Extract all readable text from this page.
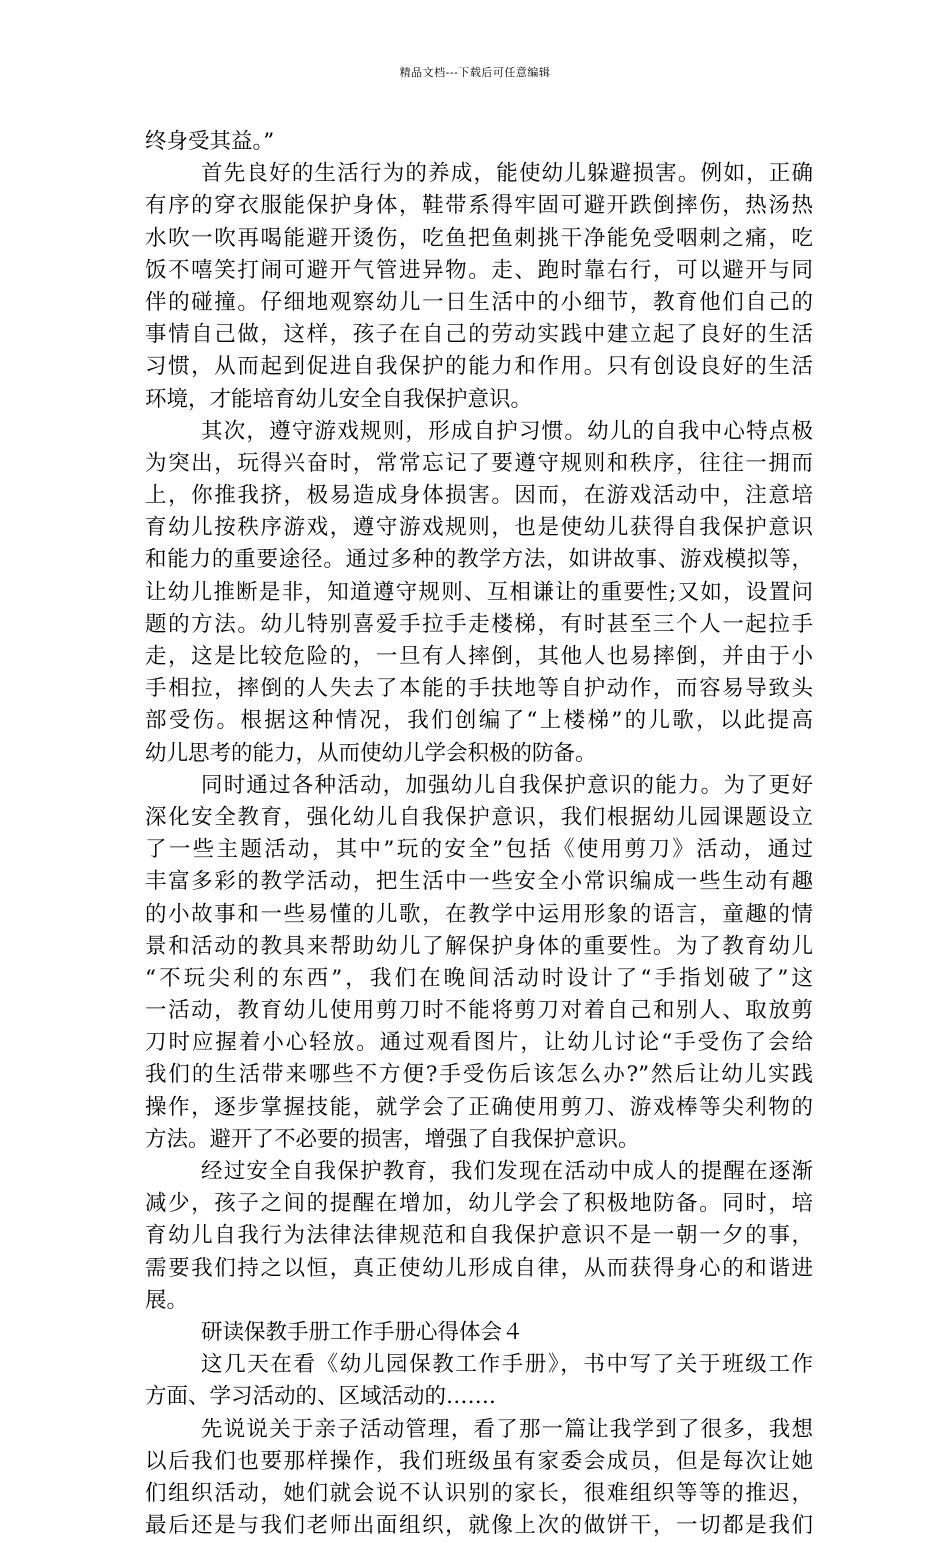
精品文档---下载后可任意编辑
终身受其益。”
首先良好的生活行为的养成，能使幼儿躲避损害。例如，正确
有序的穿衣服能保护身体，鞋带系得牢固可避开跌倒摔伤，热汤热
水吹一吹再喝能避开烫伤，吃鱼把鱼刺挑干净能免受咽刺之痛，吃
饭不嘻笑打闹可避开气管进异物。走、跑时靠右行，可以避开与同
伴的碰撞。仔细地观察幼儿一日生活中的小细节，教育他们自己的
事情自己做，这样，孩子在自己的劳动实践中建立起了良好的生活
习惯，从而起到促进自我保护的能力和作用。只有创设良好的生活
环境，才能培育幼儿安全自我保护意识。
其次，遵守游戏规则，形成自护习惯。幼儿的自我中心特点极
为突出，玩得兴奋时，常常忘记了要遵守规则和秩序，往往一拥而
上，你推我挤，极易造成身体损害。因而，在游戏活动中，注意培
育幼儿按秩序游戏，遵守游戏规则，也是使幼儿获得自我保护意识
和能力的重要途径。通过多种的教学方法，如讲故事、游戏模拟等，
让幼儿推断是非，知道遵守规则、互相谦让的重要性;又如，设置问
题的方法。幼儿特别喜爱手拉手走楼梯，有时甚至三个人一起拉手
走，这是比较危险的，一旦有人摔倒，其他人也易摔倒，并由于小
手相拉，摔倒的人失去了本能的手扶地等自护动作，而容易导致头
部受伤。根据这种情况，我们创编了“上楼梯”的儿歌，以此提高
幼儿思考的能力，从而使幼儿学会积极的防备。
同时通过各种活动，加强幼儿自我保护意识的能力。为了更好
深化安全教育，强化幼儿自我保护意识，我们根据幼儿园课题设立
了一些主题活动，其中”玩的安全”包括《使用剪刀》活动，通过
丰富多彩的教学活动，把生活中一些安全小常识编成一些生动有趣
的小故事和一些易懂的儿歌，在教学中运用形象的语言，童趣的情
景和活动的教具来帮助幼儿了解保护身体的重要性。为了教育幼儿
“不玩尖利的东西”，我们在晚间活动时设计了“手指划破了”这
一活动，教育幼儿使用剪刀时不能将剪刀对着自己和别人、取放剪
刀时应握着小心轻放。通过观看图片，让幼儿讨论“手受伤了会给
我们的生活带来哪些不方便?手受伤后该怎么办?”然后让幼儿实践
操作，逐步掌握技能，就学会了正确使用剪刀、游戏棒等尖利物的
方法。避开了不必要的损害，增强了自我保护意识。
经过安全自我保护教育，我们发现在活动中成人的提醒在逐渐
减少，孩子之间的提醒在增加，幼儿学会了积极地防备。同时，培
育幼儿自我行为法律法律规范和自我保护意识不是一朝一夕的事，
需要我们持之以恒，真正使幼儿形成自律，从而获得身心的和谐进
展。
研读保教手册工作手册心得体会４
这几天在看《幼儿园保教工作手册》，书中写了关于班级工作
方面、学习活动的、区域活动的…….
先说说关于亲子活动管理，看了那一篇让我学到了很多，我想
以后我们也要那样操作，我们班级虽有家委会成员，但是每次让她
们组织活动，她们就会说不认识别的家长，很难组织等等的推迟，
最后还是与我们老师出面组织，就像上次的做饼干，一切都是我们
